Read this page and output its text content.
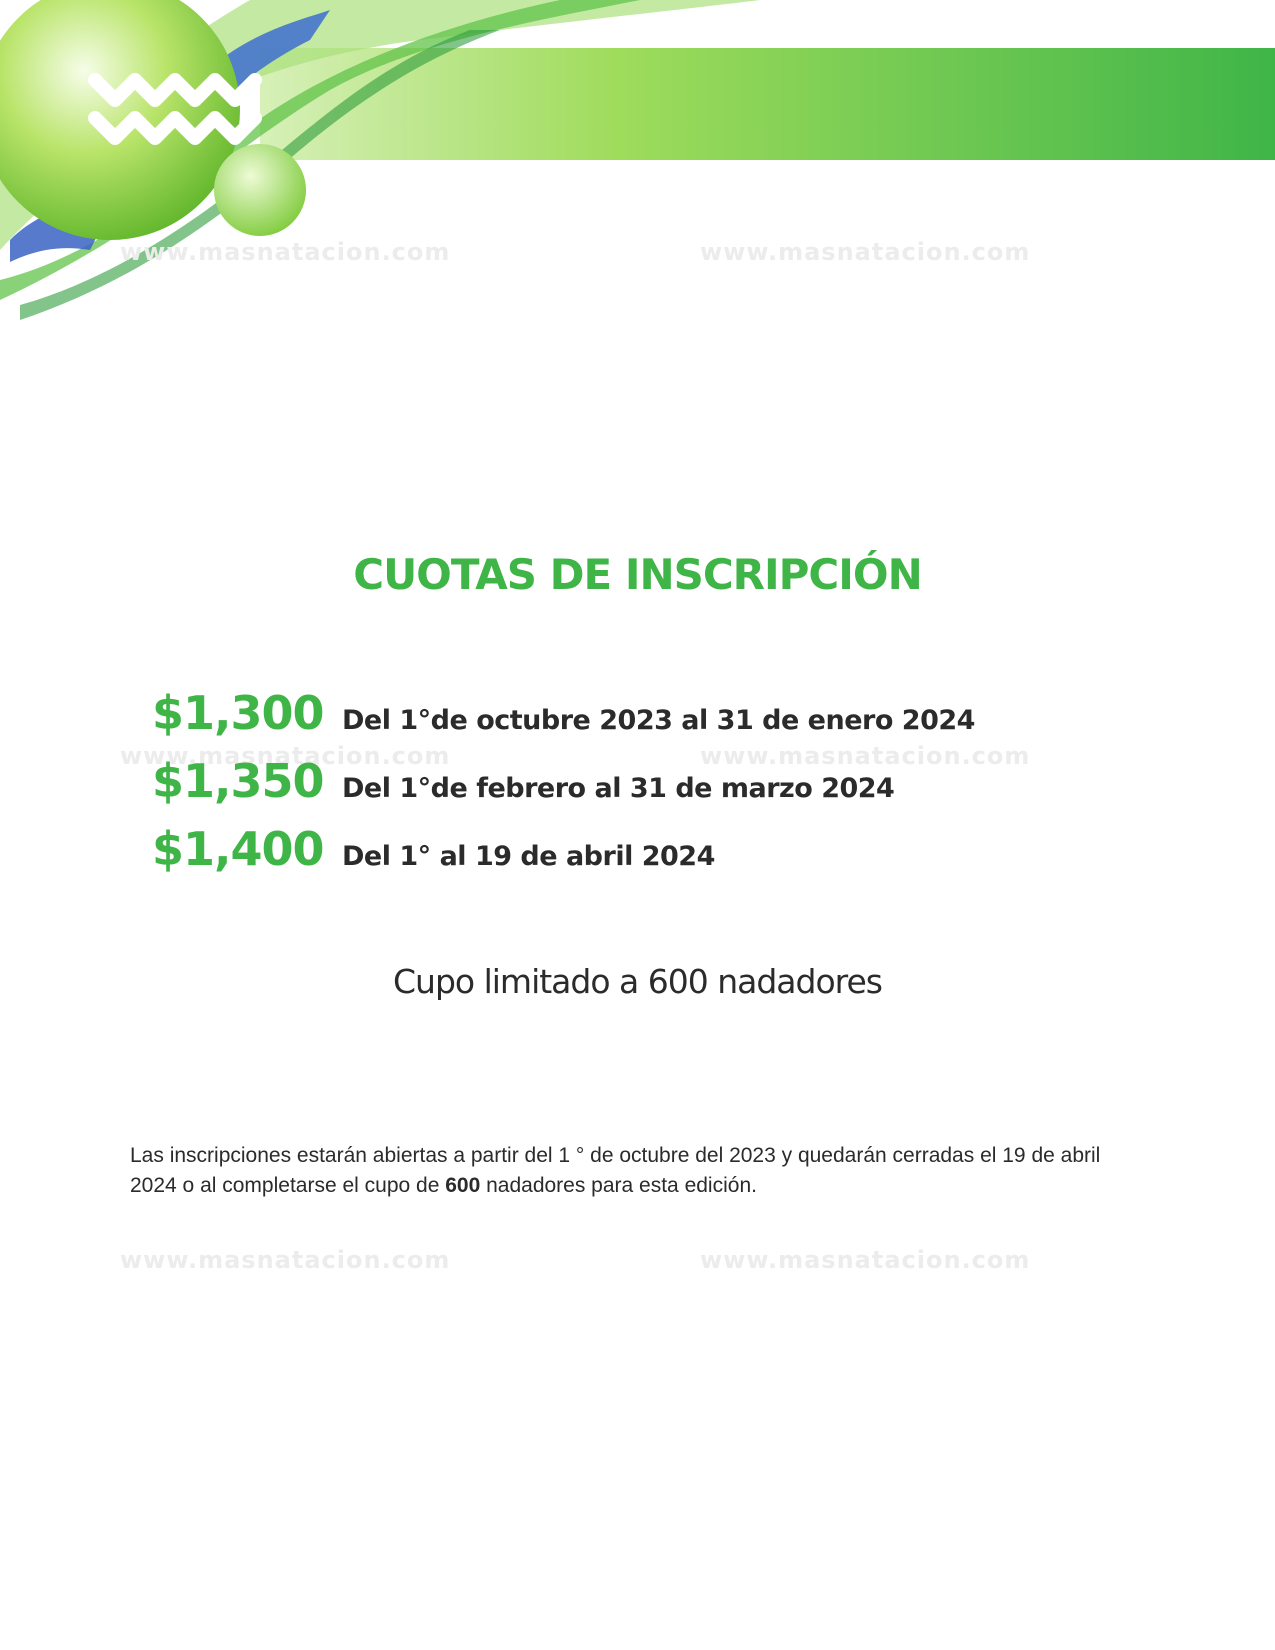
www.masnatacion.com	www.masnatacion.com
www.masnatacion.com	www.masnatacion.com
www.masnatacion.com	www.masnatacion.com
CUOTAS DE INSCRIPCIÓN
$1,300 Del 1°de octubre 2023 al 31 de enero 2024
$1,350 Del 1°de febrero al 31 de marzo 2024
$1,400 Del 1° al 19 de abril 2024
Cupo limitado a 600 nadadores

Las inscripciones estarán abiertas a partir del 1 ° de octubre del 2023 y quedarán cerradas el 19 de abril 2024 o al completarse el cupo de 600 nadadores para esta edición.
